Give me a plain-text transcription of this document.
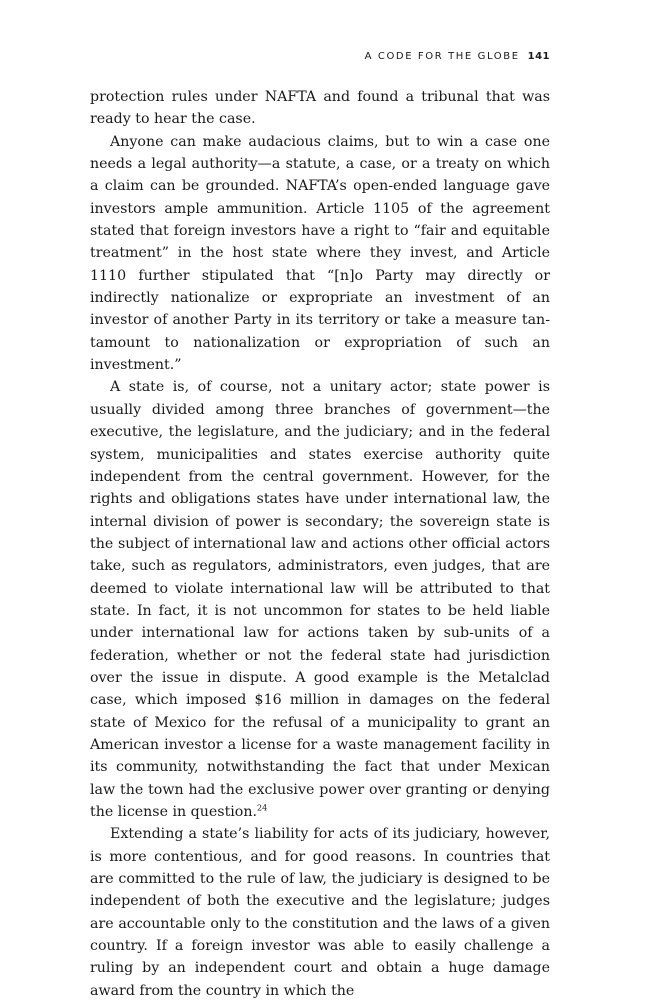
A CODE FOR THE GLOBE 141

protection rules under NAFTA and found a tribunal that was ready to hear the case.

Anyone can make audacious claims, but to win a case one needs a legal authority—a statute, a case, or a treaty on which a claim can be grounded. NAFTA’s open-ended language gave investors ample ammunition. Article 1105 of the agreement stated that foreign investors have a right to “fair and equitable treatment” in the host state where they invest, and Article 1110 further stipulated that “[n]o Party may directly or indirectly nationalize or expropriate an investment of an investor of another Party in its territory or take a measure tantamount to nationalization or expropriation of such an investment.”

A state is, of course, not a unitary actor; state power is usually divided among three branches of government—the executive, the legislature, and the judiciary; and in the federal system, municipalities and states exercise authority quite independent from the central government. However, for the rights and obligations states have under international law, the internal division of power is secondary; the sovereign state is the subject of international law and actions other official actors take, such as regulators, administrators, even judges, that are deemed to violate international law will be attributed to that state. In fact, it is not uncommon for states to be held liable under international law for actions taken by sub-units of a federation, whether or not the federal state had jurisdiction over the issue in dispute. A good example is the Metalclad case, which imposed $16 million in damages on the federal state of Mexico for the refusal of a municipality to grant an American investor a license for a waste management facility in its community, notwithstanding the fact that under Mexican law the town had the exclusive power over granting or denying the license in question.$^{24}$

Extending a state’s liability for acts of its judiciary, however, is more contentious, and for good reasons. In countries that are committed to the rule of law, the judiciary is designed to be independent of both the executive and the legislature; judges are accountable only to the constitution and the laws of a given country. If a foreign investor was able to easily challenge a ruling by an independent court and obtain a huge damage award from the country in which the
